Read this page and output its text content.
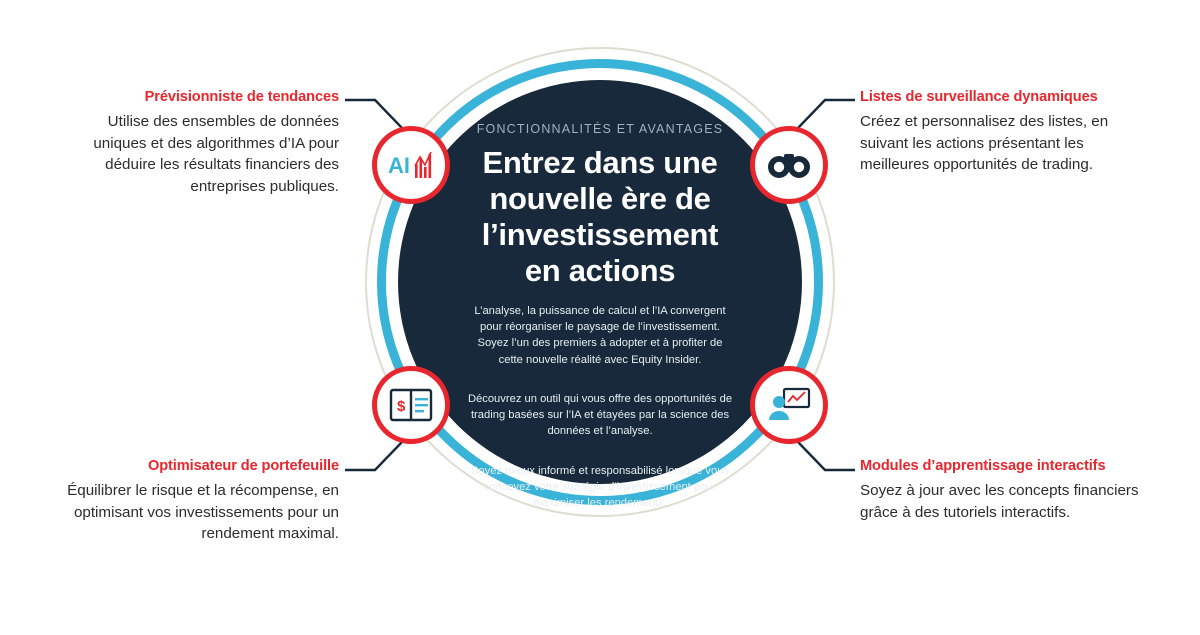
FONCTIONNALITÉS ET AVANTAGES
Entrez dans une nouvelle ère de l’investissement en actions

L’analyse, la puissance de calcul et l’IA convergent pour réorganiser le paysage de l’investissement. Soyez l’un des premiers à adopter et à profiter de cette nouvelle réalité avec Equity Insider.

Découvrez un outil qui vous offre des opportunités de trading basées sur l’IA et étayées par la science des données et l’analyse.

Soyez mieux informé et responsabilisé lorsque vous concevez votre stratégie d’investissement pour maximiser les rendements.

AI
$

Prévisionniste de tendances

Utilise des ensembles de données uniques et des algorithmes d’IA pour déduire les résultats financiers des entreprises publiques.

Listes de surveillance dynamiques

Créez et personnalisez des listes, en suivant les actions présentant les meilleures opportunités de trading.

Optimisateur de portefeuille

Équilibrer le risque et la récompense, en optimisant vos investissements pour un rendement maximal.

Modules d’apprentissage interactifs

Soyez à jour avec les concepts financiers grâce à des tutoriels interactifs.
